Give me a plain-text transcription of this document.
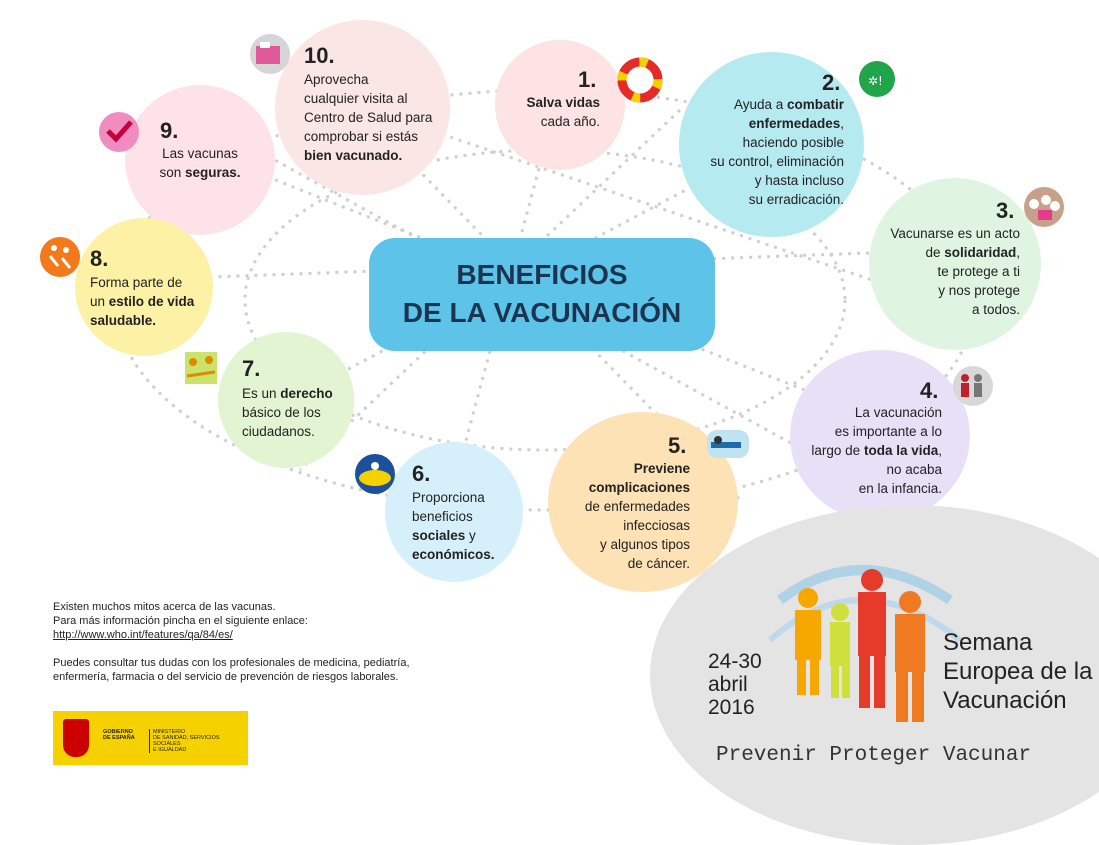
BENEFICIOS
DE LA VACUNACIÓN
✲!
10.
Aprovecha
cualquier visita al
Centro de Salud para
comprobar si estás
bien vacunado.
9.
Las vacunas
son seguras.
1.
Salva vidas
cada año.
2.
Ayuda a combatir
enfermedades,
haciendo posible
su control, eliminación
y hasta incluso
su erradicación.	3.
Vacunarse es un acto
de solidaridad,
te protege a ti
y nos protege
a todos.
4.
La vacunación
es importante a lo
largo de toda la vida,
no acaba
en la infancia.
5.
Previene
complicaciones
de enfermedades
infecciosas
y algunos tipos
de cáncer.
6.
Proporciona
beneficios
sociales y
económicos.
7.
Es un derecho
básico de los
ciudadanos.
8.
Forma parte de
un estilo de vida
saludable.
Existen muchos mitos acerca de las vacunas.
Para más información pincha en el siguiente enlace:
http://www.who.int/features/qa/84/es/
Puedes consultar tus dudas con los profesionales de medicina, pediatría,
enfermería, farmacia o del servicio de prevención de riesgos laborales.
GOBIERNO
DE ESPAÑA
MINISTERIO
DE SANIDAD, SERVICIOS SOCIALES
E IGUALDAD
24-30
abril
2016
Semana
Europea de la
Vacunación
Prevenir Proteger Vacunar
